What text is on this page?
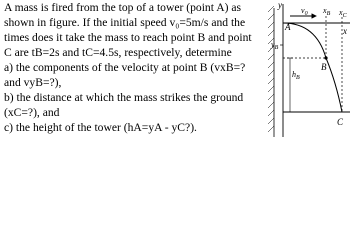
A mass is fired from the top of a tower (point A) as
shown in figure. If the initial speed v₀=5m/s and the
times does it take the mass to reach point B and point
C are tB=2s and tC=4.5s, respectively, determine
a) the components of the velocity at point B (vxB=?
and vyB=?),
b) the distance at which the mass strikes the ground
(xC=?), and
c) the height of the tower (hA=yA - yC?).
y
x
A
$v_0$ $x_B$ $x_C$
$y_B$
$h_B$
B
C
